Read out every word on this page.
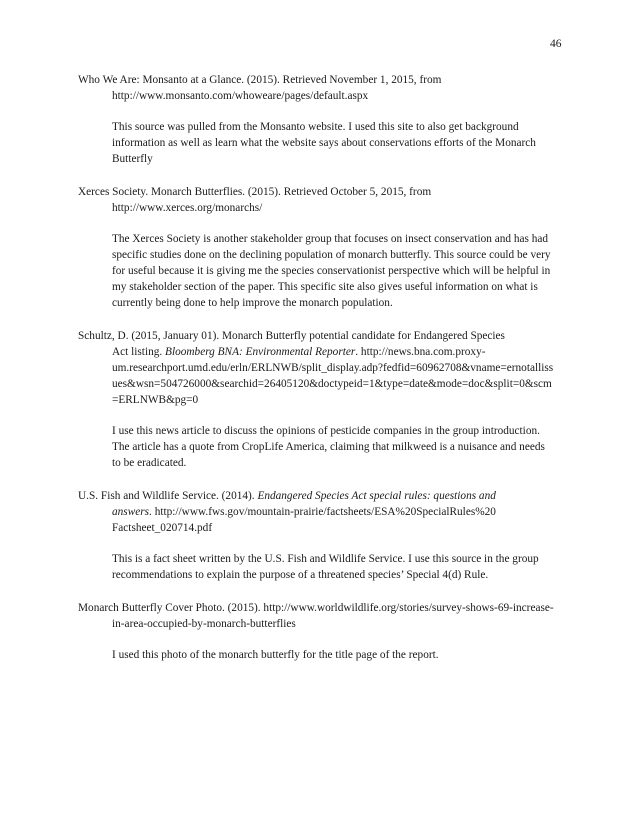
46
Who We Are: Monsanto at a Glance. (2015). Retrieved November 1, 2015, from
http://www.monsanto.com/whoweare/pages/default.aspx
This source was pulled from the Monsanto website. I used this site to also get background
information as well as learn what the website says about conservations efforts of the Monarch
Butterfly
Xerces Society. Monarch Butterflies. (2015). Retrieved October 5, 2015, from
http://www.xerces.org/monarchs/
The Xerces Society is another stakeholder group that focuses on insect conservation and has had
specific studies done on the declining population of monarch butterfly. This source could be very
for useful because it is giving me the species conservationist perspective which will be helpful in
my stakeholder section of the paper. This specific site also gives useful information on what is
currently being done to help improve the monarch population.
Schultz, D. (2015, January 01). Monarch Butterfly potential candidate for Endangered Species
Act listing. Bloomberg BNA: Environmental Reporter. http://news.bna.com.proxy-
um.researchport.umd.edu/erln/ERLNWB/split_display.adp?fedfid=60962708&vname=ernotalliss
ues&wsn=504726000&searchid=26405120&doctypeid=1&type=date&mode=doc&split=0&scm
=ERLNWB&pg=0
I use this news article to discuss the opinions of pesticide companies in the group introduction.
The article has a quote from CropLife America, claiming that milkweed is a nuisance and needs
to be eradicated.
U.S. Fish and Wildlife Service. (2014). Endangered Species Act special rules: questions and
answers. http://www.fws.gov/mountain-prairie/factsheets/ESA%20SpecialRules%20
Factsheet_020714.pdf
This is a fact sheet written by the U.S. Fish and Wildlife Service. I use this source in the group
recommendations to explain the purpose of a threatened species’ Special 4(d) Rule.
Monarch Butterfly Cover Photo. (2015). http://www.worldwildlife.org/stories/survey-shows-69-increase-
in-area-occupied-by-monarch-butterflies
I used this photo of the monarch butterfly for the title page of the report.
